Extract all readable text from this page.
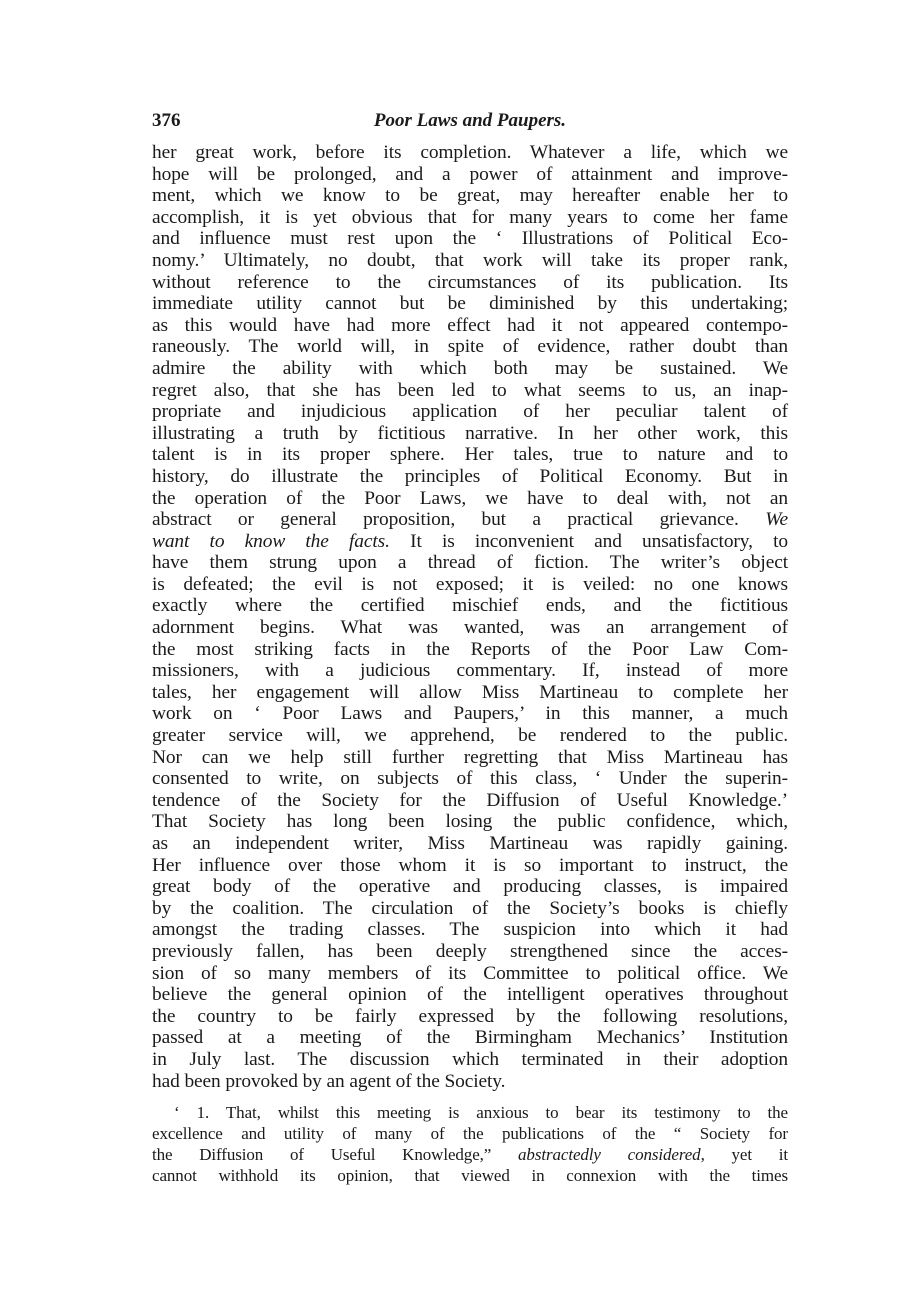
376	Poor Laws and Paupers.
her great work, before its completion. Whatever a life, which we
hope will be prolonged, and a power of attainment and improve-
ment, which we know to be great, may hereafter enable her to
accomplish, it is yet obvious that for many years to come her fame
and influence must rest upon the ‘ Illustrations of Political Eco-
nomy.’ Ultimately, no doubt, that work will take its proper rank,
without reference to the circumstances of its publication. Its
immediate utility cannot but be diminished by this undertaking;
as this would have had more effect had it not appeared contempo-
raneously. The world will, in spite of evidence, rather doubt than
admire the ability with which both may be sustained. We
regret also, that she has been led to what seems to us, an inap-
propriate and injudicious application of her peculiar talent of
illustrating a truth by fictitious narrative. In her other work, this
talent is in its proper sphere. Her tales, true to nature and to
history, do illustrate the principles of Political Economy. But in
the operation of the Poor Laws, we have to deal with, not an
abstract or general proposition, but a practical grievance. We
want to know the facts. It is inconvenient and unsatisfactory, to
have them strung upon a thread of fiction. The writer’s object
is defeated; the evil is not exposed; it is veiled: no one knows
exactly where the certified mischief ends, and the fictitious
adornment begins. What was wanted, was an arrangement of
the most striking facts in the Reports of the Poor Law Com-
missioners, with a judicious commentary. If, instead of more
tales, her engagement will allow Miss Martineau to complete her
work on ‘ Poor Laws and Paupers,’ in this manner, a much
greater service will, we apprehend, be rendered to the public.
Nor can we help still further regretting that Miss Martineau has
consented to write, on subjects of this class, ‘ Under the superin-
tendence of the Society for the Diffusion of Useful Knowledge.’
That Society has long been losing the public confidence, which,
as an independent writer, Miss Martineau was rapidly gaining.
Her influence over those whom it is so important to instruct, the
great body of the operative and producing classes, is impaired
by the coalition. The circulation of the Society’s books is chiefly
amongst the trading classes. The suspicion into which it had
previously fallen, has been deeply strengthened since the acces-
sion of so many members of its Committee to political office. We
believe the general opinion of the intelligent operatives throughout
the country to be fairly expressed by the following resolutions,
passed at a meeting of the Birmingham Mechanics’ Institution
in July last. The discussion which terminated in their adoption
had been provoked by an agent of the Society.
‘ 1. That, whilst this meeting is anxious to bear its testimony to the
excellence and utility of many of the publications of the “ Society for
the Diffusion of Useful Knowledge,” abstractedly considered, yet it
cannot withhold its opinion, that viewed in connexion with the times
